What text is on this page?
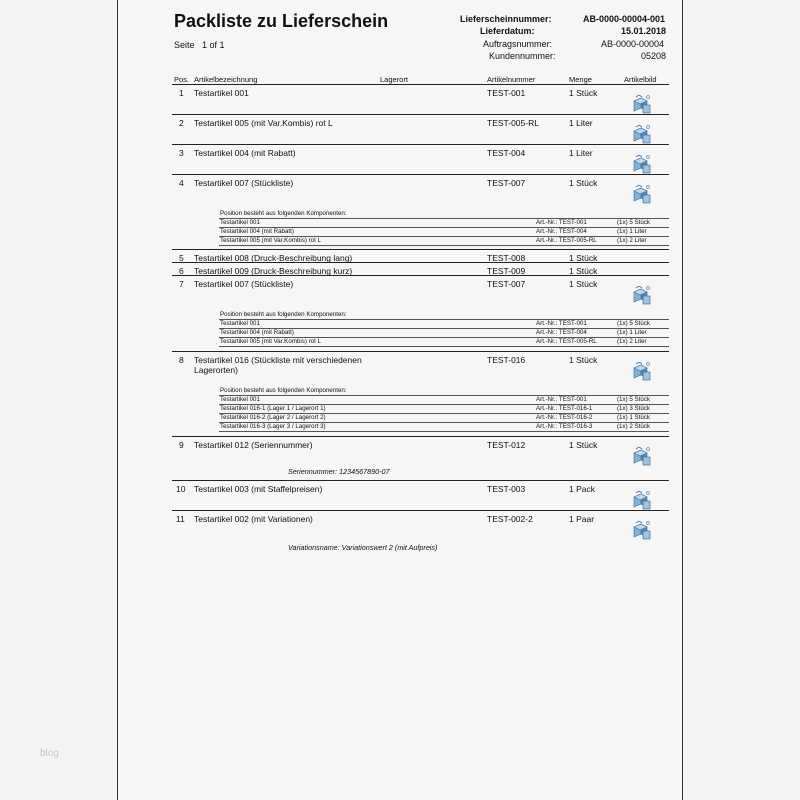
blog
Packliste zu Lieferschein
Seite 1 of 1
Lieferscheinnummer:	AB-0000-00004-001
Lieferdatum:	15.01.2018
Auftragsnummer:	AB-0000-00004
Kundennummer:	05208
Pos. Artikelbezeichnung	Lagerort	Artikelnummer	Menge	Artikelbild
1 Testartikel 001	TEST-001	1 Stück
2 Testartikel 005 (mit Var.Kombis) rot L	TEST-005-RL	1 Liter
3 Testartikel 004 (mit Rabatt)	TEST-004	1 Liter
4 Testartikel 007 (Stückliste)	TEST-007	1 Stück
Position besteht aus folgenden Komponenten:
Testartikel 001	Art.-Nr.: TEST-001	(1x) 5 Stück
Testartikel 004 (mit Rabatt)	Art.-Nr.: TEST-004	(1x) 1 Liter
Testartikel 005 (mit Var.Kombis) rot L	Art.-Nr.: TEST-005-RL	(1x) 2 Liter
5 Testartikel 008 (Druck-Beschreibung lang)	TEST-008	1 Stück
6 Testartikel 009 (Druck-Beschreibung kurz)	TEST-009	1 Stück
7 Testartikel 007 (Stückliste)	TEST-007	1 Stück
Position besteht aus folgenden Komponenten:
Testartikel 001	Art.-Nr.: TEST-001	(1x) 5 Stück
Testartikel 004 (mit Rabatt)	Art.-Nr.: TEST-004	(1x) 1 Liter
Testartikel 005 (mit Var.Kombis) rot L	Art.-Nr.: TEST-005-RL	(1x) 2 Liter
8 Testartikel 016 (Stückliste mit verschiedenen
Lagerorten)
TEST-016	1 Stück
Position besteht aus folgenden Komponenten:
Testartikel 001	Art.-Nr.: TEST-001	(1x) 5 Stück
Testartikel 016-1 (Lager 1 / Lagerort 1)	Art.-Nr.: TEST-016-1	(1x) 3 Stück
Testartikel 016-2 (Lager 2 / Lagerort 2)	Art.-Nr.: TEST-016-2	(1x) 1 Stück
Testartikel 016-3 (Lager 3 / Lagerort 3)	Art.-Nr.: TEST-016-3	(1x) 2 Stück
9 Testartikel 012 (Seriennummer)	TEST-012	1 Stück
Seriennummer: 1234567890-07
10 Testartikel 003 (mit Staffelpreisen)	TEST-003	1 Pack
11 Testartikel 002 (mit Variationen)	TEST-002-2	1 Paar
Variationsname: Variationswert 2 (mit Aufpreis)
